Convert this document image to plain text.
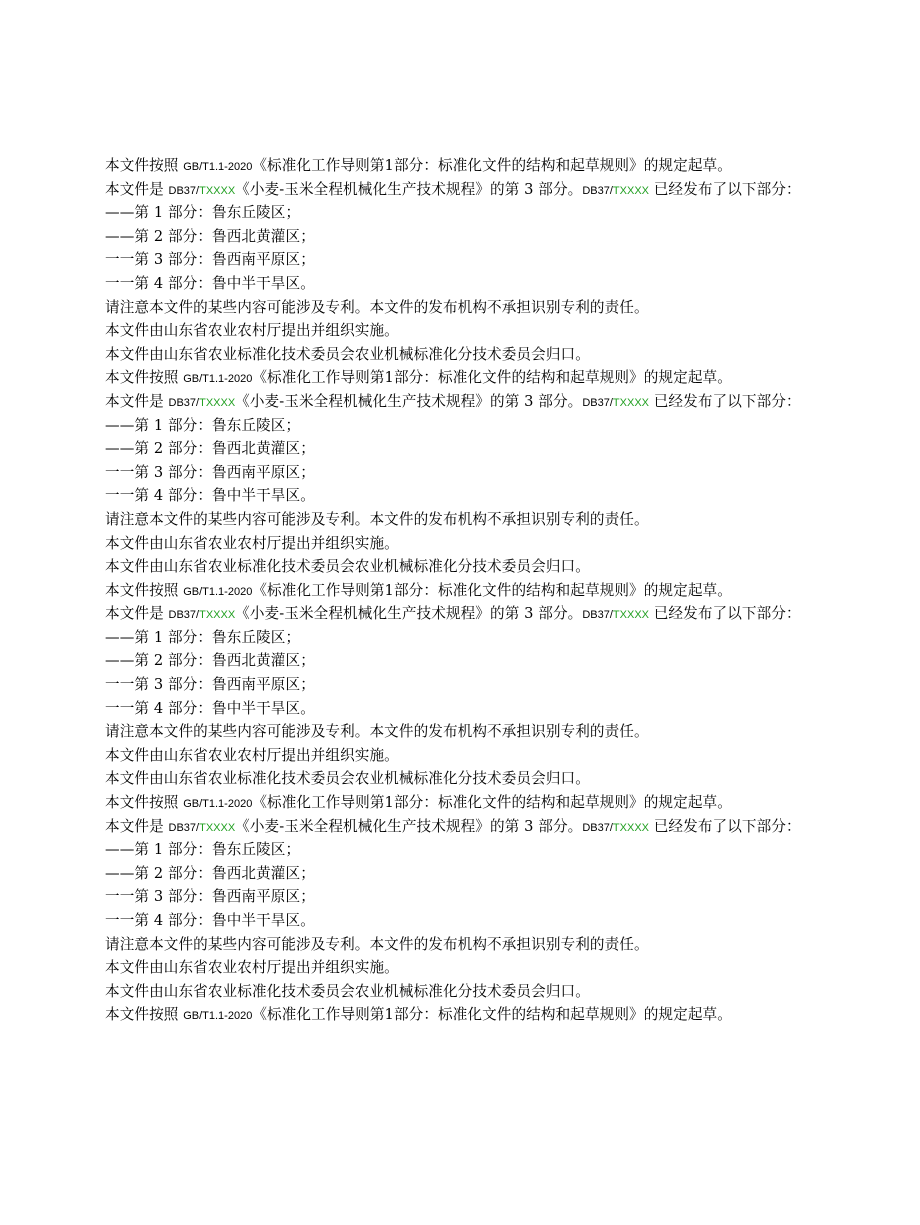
本文件按照 GB/T1.1-2020《标准化工作导则第1部分：标准化文件的结构和起草规则》的规定起草。
本文件是 DB37/TXXXX《小麦-玉米全程机械化生产技术规程》的第 3 部分。DB37/TXXXX 已经发布了以下部分：
——第 1 部分：鲁东丘陵区；
——第 2 部分：鲁西北黄灌区；
一一第 3 部分：鲁西南平原区；
一一第 4 部分：鲁中半干旱区。
请注意本文件的某些内容可能涉及专利。本文件的发布机构不承担识别专利的责任。
本文件由山东省农业农村厅提出并组织实施。
本文件由山东省农业标准化技术委员会农业机械标准化分技术委员会归口。
本文件按照 GB/T1.1-2020《标准化工作导则第1部分：标准化文件的结构和起草规则》的规定起草。
本文件是 DB37/TXXXX《小麦-玉米全程机械化生产技术规程》的第 3 部分。DB37/TXXXX 已经发布了以下部分：
——第 1 部分：鲁东丘陵区；
——第 2 部分：鲁西北黄灌区；
一一第 3 部分：鲁西南平原区；
一一第 4 部分：鲁中半干旱区。
请注意本文件的某些内容可能涉及专利。本文件的发布机构不承担识别专利的责任。
本文件由山东省农业农村厅提出并组织实施。
本文件由山东省农业标准化技术委员会农业机械标准化分技术委员会归口。
本文件按照 GB/T1.1-2020《标准化工作导则第1部分：标准化文件的结构和起草规则》的规定起草。
本文件是 DB37/TXXXX《小麦-玉米全程机械化生产技术规程》的第 3 部分。DB37/TXXXX 已经发布了以下部分：
——第 1 部分：鲁东丘陵区；
——第 2 部分：鲁西北黄灌区；
一一第 3 部分：鲁西南平原区；
一一第 4 部分：鲁中半干旱区。
请注意本文件的某些内容可能涉及专利。本文件的发布机构不承担识别专利的责任。
本文件由山东省农业农村厅提出并组织实施。
本文件由山东省农业标准化技术委员会农业机械标准化分技术委员会归口。
本文件按照 GB/T1.1-2020《标准化工作导则第1部分：标准化文件的结构和起草规则》的规定起草。
本文件是 DB37/TXXXX《小麦-玉米全程机械化生产技术规程》的第 3 部分。DB37/TXXXX 已经发布了以下部分：
——第 1 部分：鲁东丘陵区；
——第 2 部分：鲁西北黄灌区；
一一第 3 部分：鲁西南平原区；
一一第 4 部分：鲁中半干旱区。
请注意本文件的某些内容可能涉及专利。本文件的发布机构不承担识别专利的责任。
本文件由山东省农业农村厅提出并组织实施。
本文件由山东省农业标准化技术委员会农业机械标准化分技术委员会归口。
本文件按照 GB/T1.1-2020《标准化工作导则第1部分：标准化文件的结构和起草规则》的规定起草。
